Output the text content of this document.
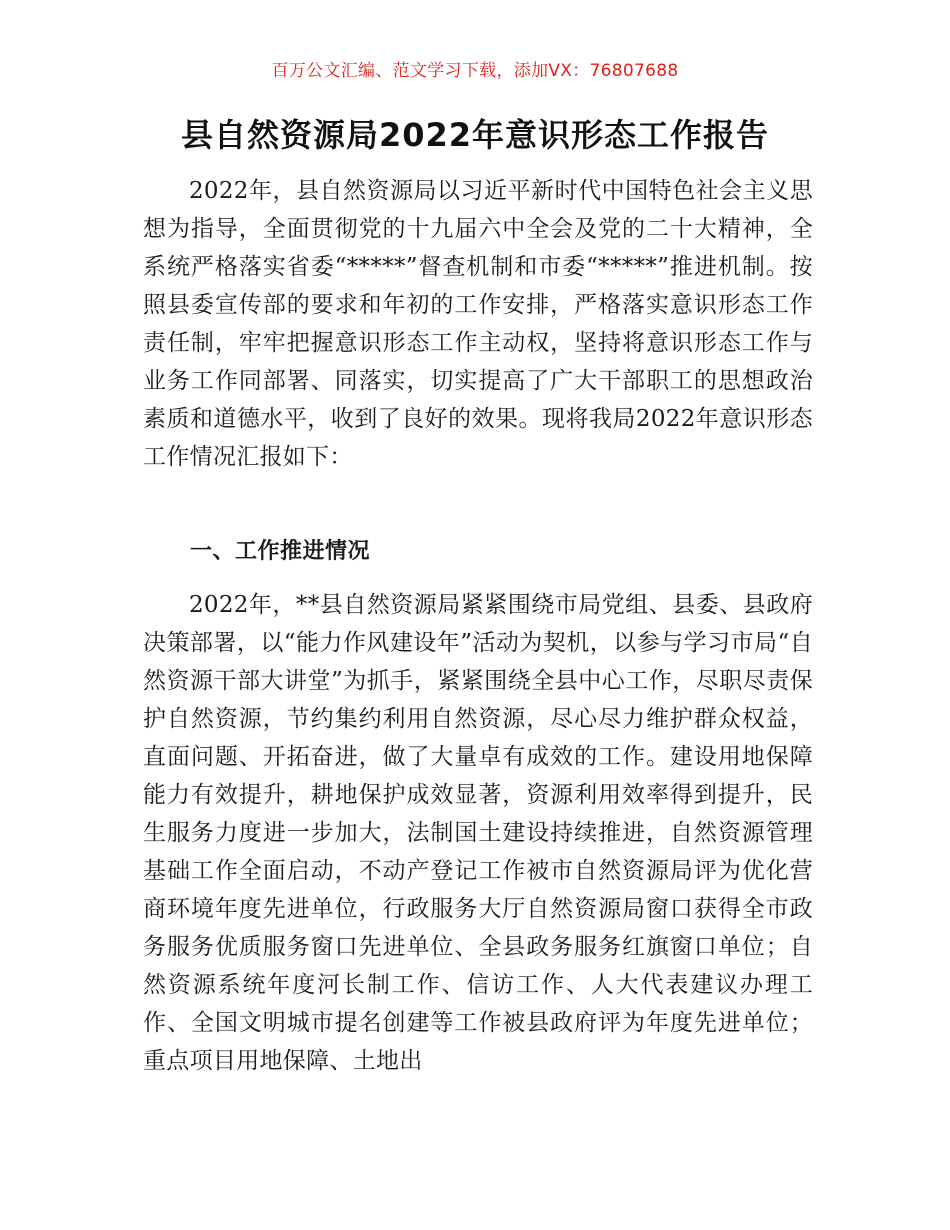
百万公文汇编、范文学习下载，添加VX：76807688
县自然资源局2022年意识形态工作报告

2022年，县自然资源局以习近平新时代中国特色社会主义思想为指导，全面贯彻党的十九届六中全会及党的二十大精神，全系统严格落实省委“*****”督查机制和市委“*****”推进机制。按照县委宣传部的要求和年初的工作安排，严格落实意识形态工作责任制，牢牢把握意识形态工作主动权，坚持将意识形态工作与业务工作同部署、同落实，切实提高了广大干部职工的思想政治素质和道德水平，收到了良好的效果。现将我局2022年意识形态工作情况汇报如下：

一、工作推进情况

2022年，**县自然资源局紧紧围绕市局党组、县委、县政府决策部署，以“能力作风建设年”活动为契机，以参与学习市局“自然资源干部大讲堂”为抓手，紧紧围绕全县中心工作，尽职尽责保护自然资源，节约集约利用自然资源，尽心尽力维护群众权益，直面问题、开拓奋进，做了大量卓有成效的工作。建设用地保障能力有效提升，耕地保护成效显著，资源利用效率得到提升，民生服务力度进一步加大，法制国土建设持续推进，自然资源管理基础工作全面启动，不动产登记工作被市自然资源局评为优化营商环境年度先进单位，行政服务大厅自然资源局窗口获得全市政务服务优质服务窗口先进单位、全县政务服务红旗窗口单位；自然资源系统年度河长制工作、信访工作、人大代表建议办理工作、全国文明城市提名创建等工作被县政府评为年度先进单位；重点项目用地保障、土地出
